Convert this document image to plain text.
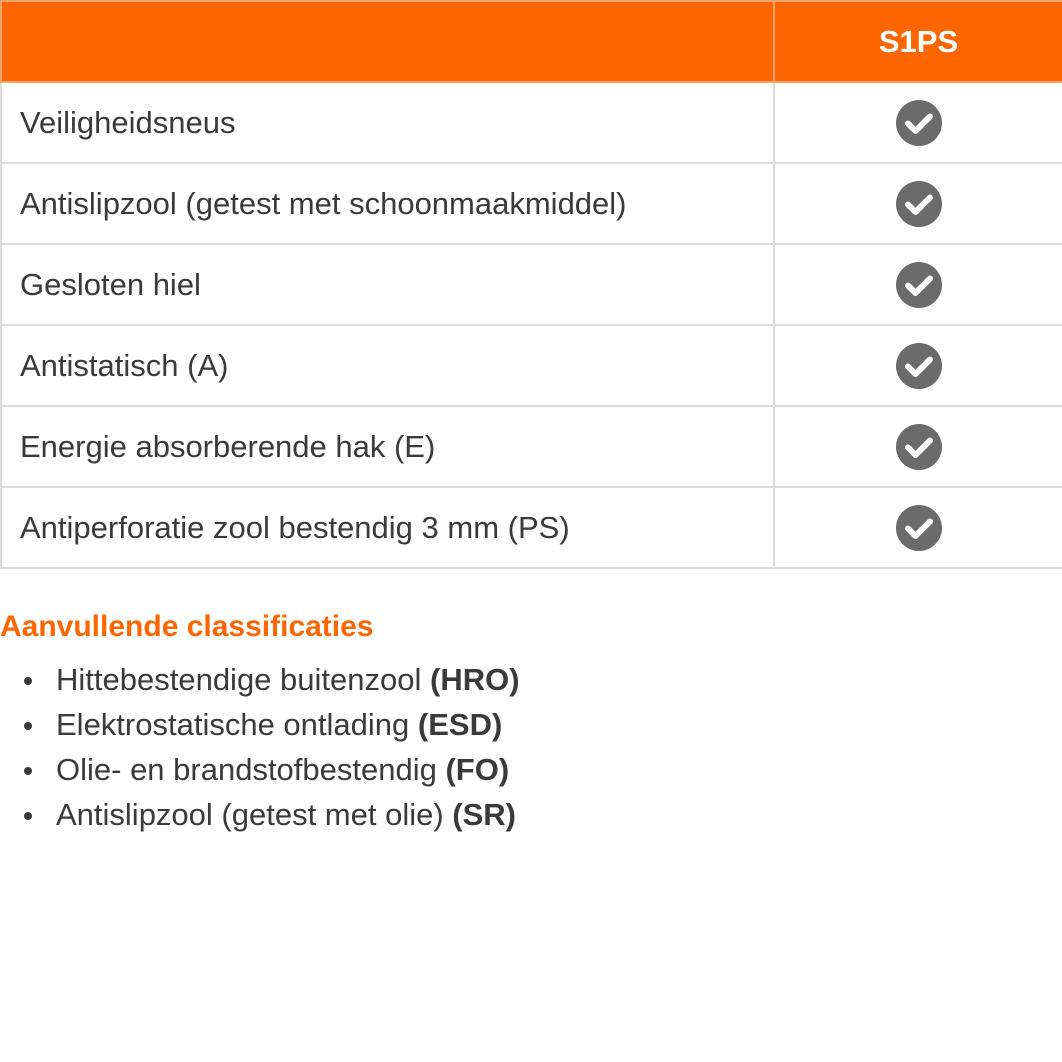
	S1PS
Veiligheidsneus	
Antislipzool (getest met schoonmaakmiddel)	
Gesloten hiel	
Antistatisch (A)	
Energie absorberende hak (E)	
Antiperforatie zool bestendig 3 mm (PS)	
Aanvullende classificaties
Hittebestendige buitenzool (HRO)
Elektrostatische ontlading (ESD)
Olie- en brandstofbestendig (FO)
Antislipzool (getest met olie) (SR)
